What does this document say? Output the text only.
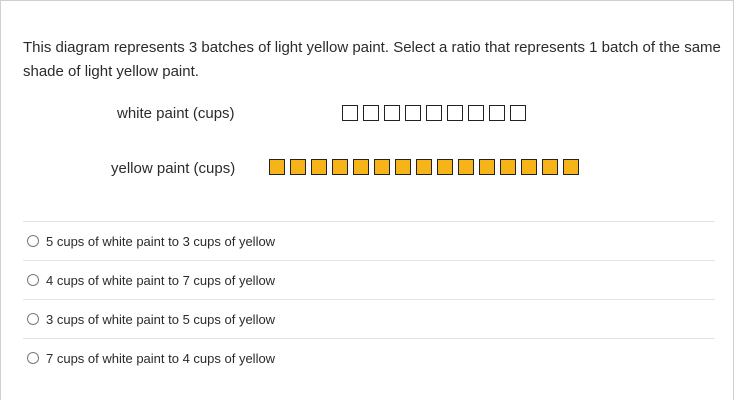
This diagram represents 3 batches of light yellow paint. Select a ratio that represents 1 batch of the same shade of light yellow paint.
white paint (cups)
yellow paint (cups)
5 cups of white paint to 3 cups of yellow
4 cups of white paint to 7 cups of yellow
3 cups of white paint to 5 cups of yellow
7 cups of white paint to 4 cups of yellow
